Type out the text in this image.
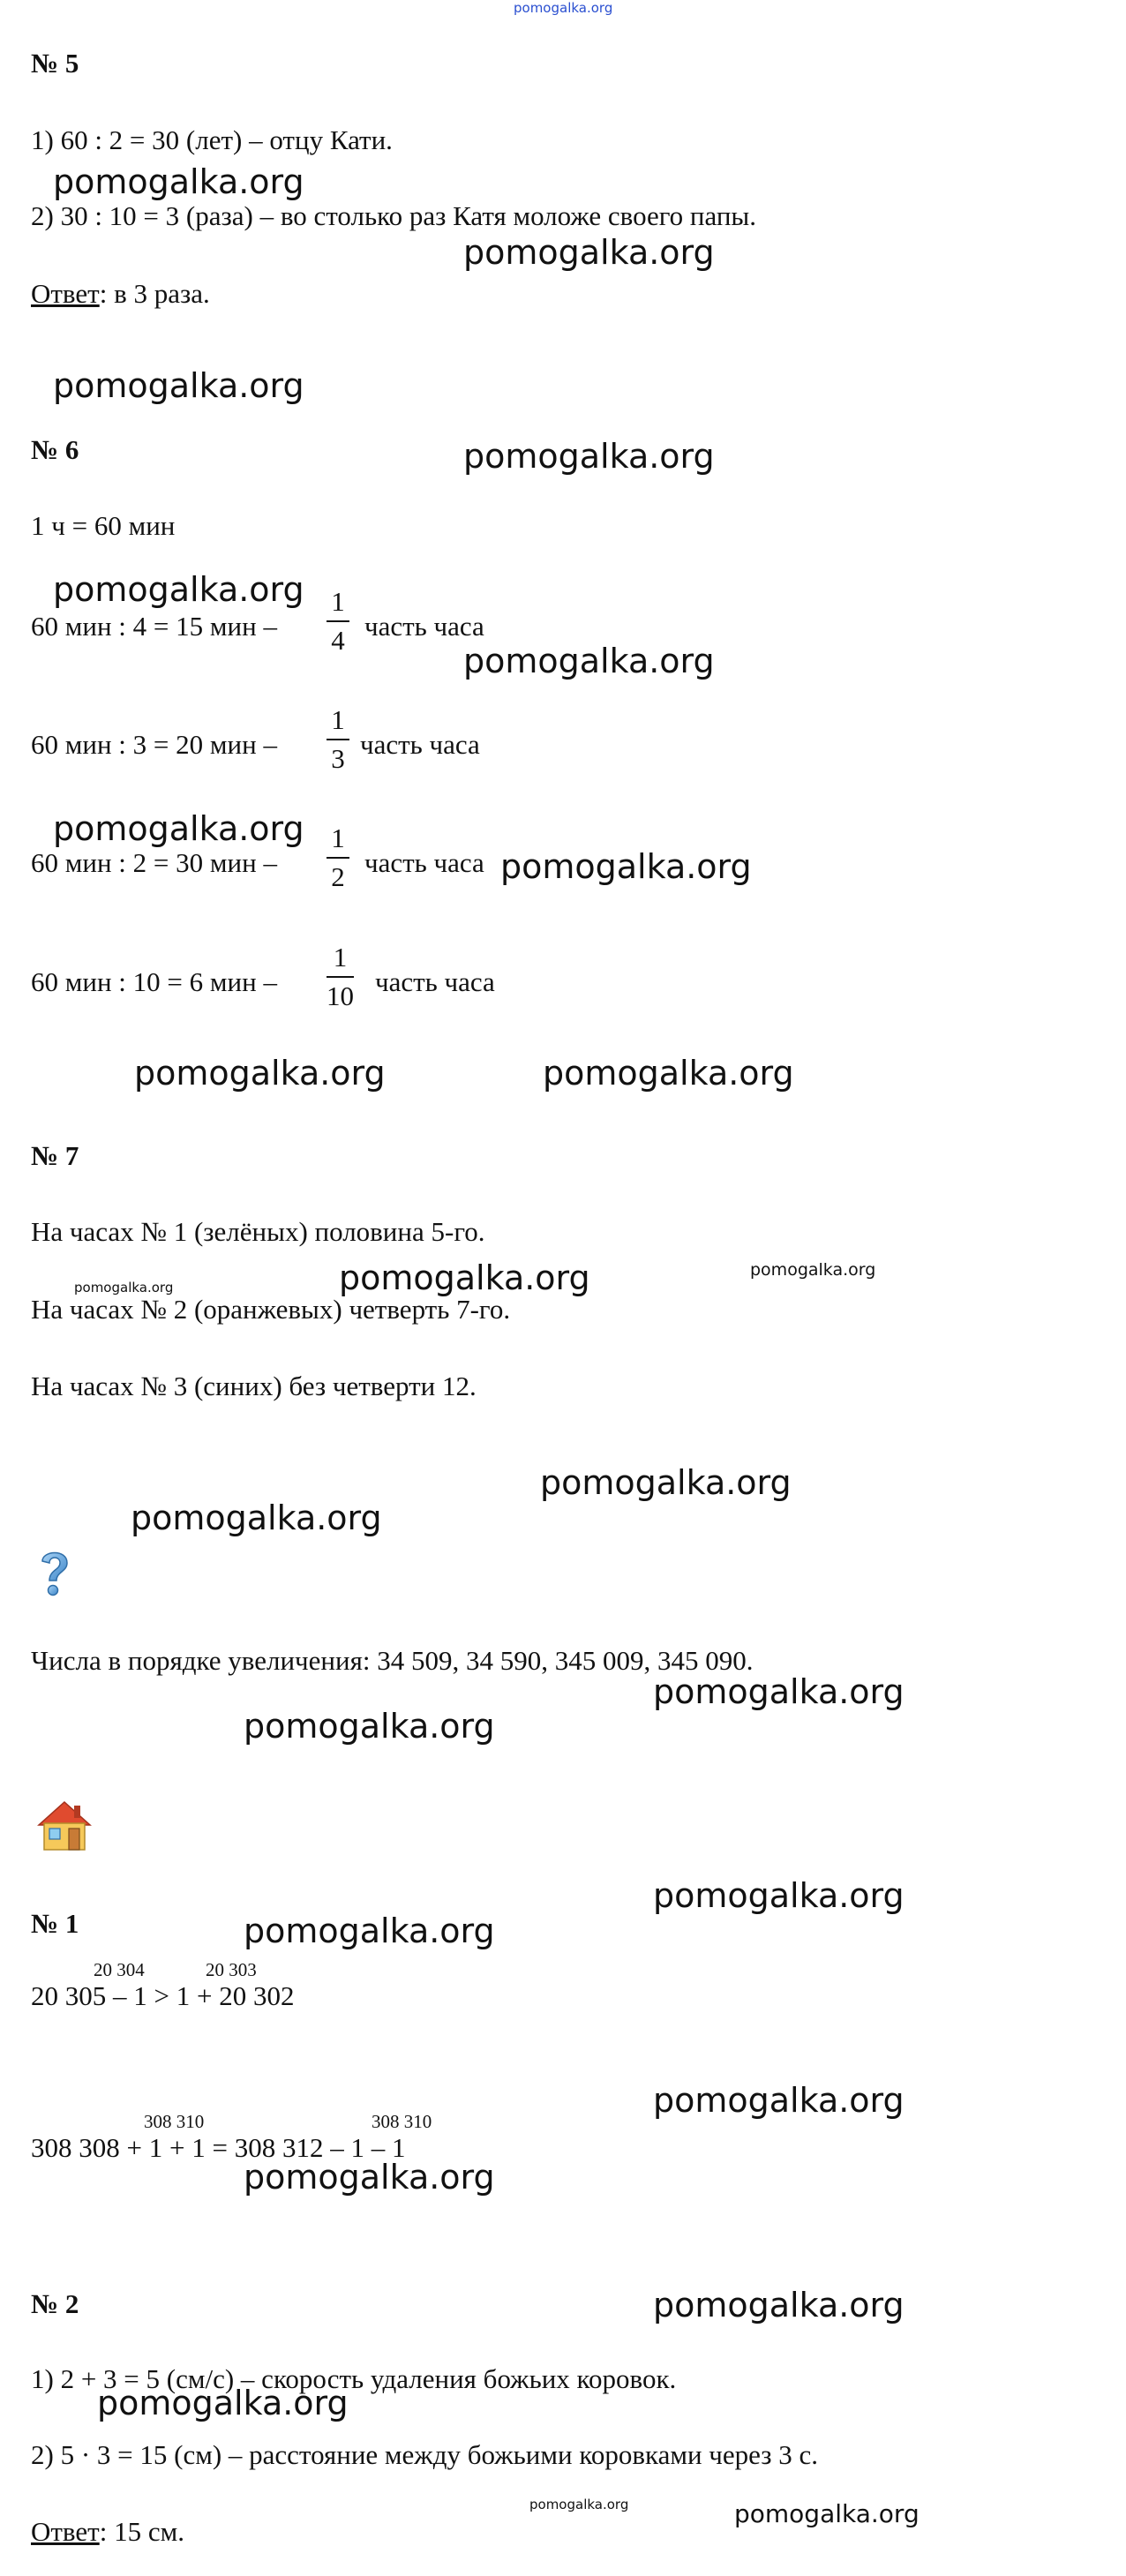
pomogalka.org
№ 5
1) 60 : 2 = 30 (лет) – отцу Кати.
2) 30 : 10 = 3 (раза) – во столько раз Катя моложе своего папы.
Ответ: в 3 раза.
№ 6
1 ч = 60 мин
60 мин : 4 = 15 мин –
1
4 часть часа
60 мин : 3 = 20 мин –
1
3 часть часа
60 мин : 2 = 30 мин –
1
2 часть часа
60 мин : 10 = 6 мин –
1
10 часть часа
№ 7
На часах № 1 (зелёных) половина 5-го.
На часах № 2 (оранжевых) четверть 7-го.
На часах № 3 (синих) без четверти 12.
Числа в порядке увеличения: 34 509, 34 590, 345 009, 345 090.
№ 1
20 304	20 303
20 305 – 1 > 1 + 20 302
308 310	308 310
308 308 + 1 + 1 = 308 312 – 1 – 1
№ 2
1) 2 + 3 = 5 (см/с) – скорость удаления божьих коровок.
2) 5 · 3 = 15 (см) – расстояние между божьими коровками через 3 с.
Ответ: 15 см.
pomogalka.org
pomogalka.org
pomogalka.org
pomogalka.org
pomogalka.org
pomogalka.org
pomogalka.org
pomogalka.org
pomogalka.org	pomogalka.org
pomogalka.org
pomogalka.org
pomogalka.org
pomogalka.org
pomogalka.org
pomogalka.org
pomogalka.org
pomogalka.org
pomogalka.org
pomogalka.org
pomogalka.org
pomogalka.org
pomogalka.org
pomogalka.org
pomogalka.org
